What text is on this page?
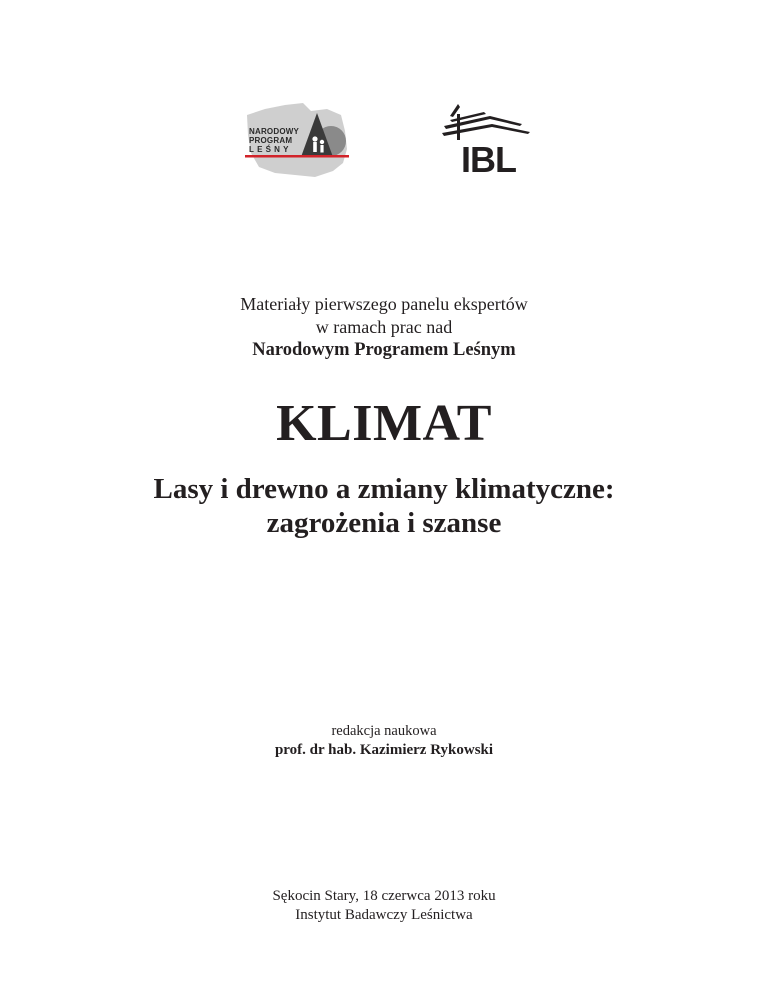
NARODOWY
PROGRAM
LEŚNY	IBL
Materiały pierwszego panelu ekspertów
w ramach prac nad
Narodowym Programem Leśnym
KLIMAT
Lasy i drewno a zmiany klimatyczne:
zagrożenia i szanse
redakcja naukowa
prof. dr hab. Kazimierz Rykowski
Sękocin Stary, 18 czerwca 2013 roku
Instytut Badawczy Leśnictwa
